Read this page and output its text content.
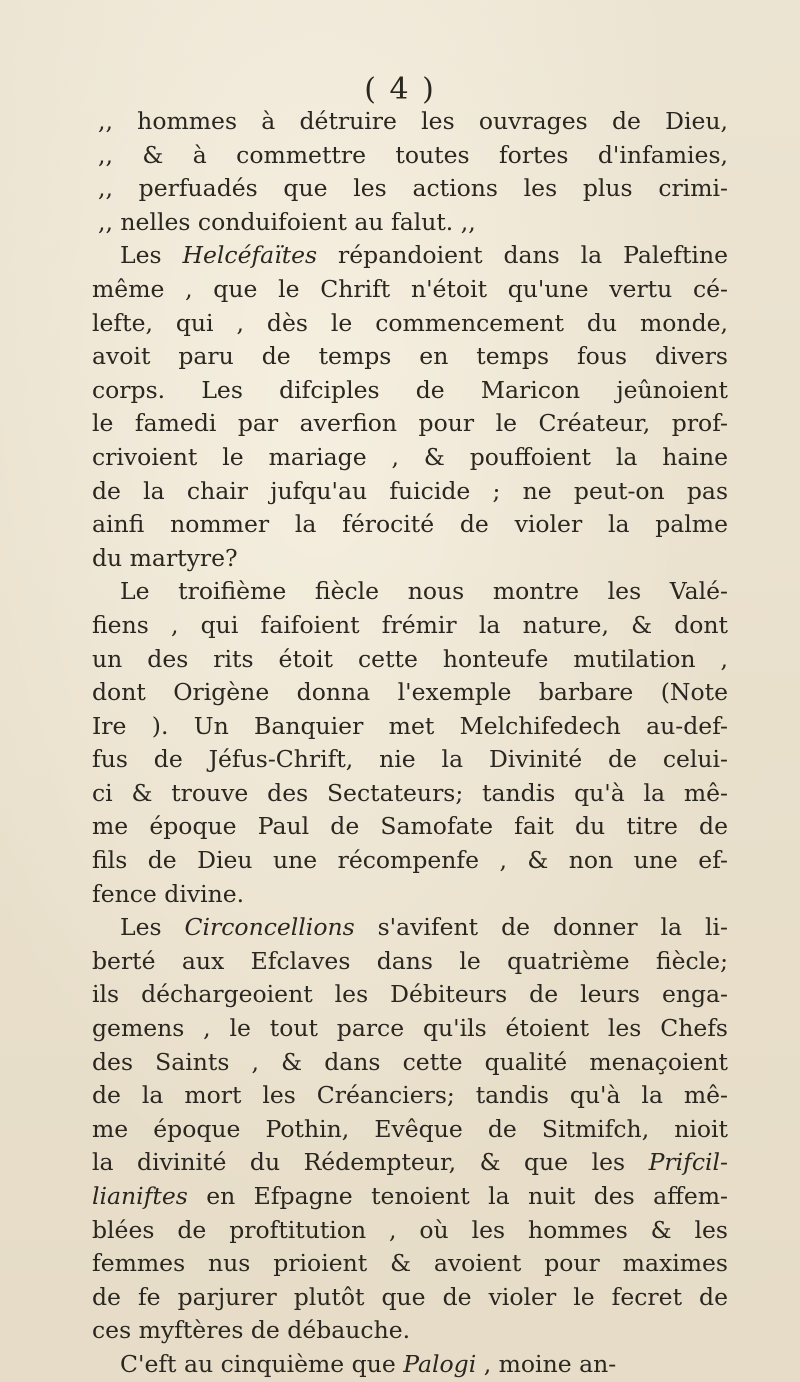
( 4 )
,, hommes à détruire les ouvrages de Dieu,
,, & à commettre toutes fortes d'infamies,
,, perfuadés que les actions les plus crimi-
,, nelles conduifoient au falut. ,,
Les Helcéfaïtes répandoient dans la Paleftine
même , que le Chrift n'étoit qu'une vertu cé-
lefte, qui , dès le commencement du monde,
avoit paru de temps en temps fous divers
corps. Les difciples de Maricon jeûnoient
le famedi par averfion pour le Créateur, prof-
crivoient le mariage , & pouffoient la haine
de la chair jufqu'au fuicide ; ne peut-on pas
ainfi nommer la férocité de violer la palme
du martyre?
Le troifième fiècle nous montre les Valé-
fiens , qui faifoient frémir la nature, & dont
un des rits étoit cette honteufe mutilation ,
dont Origène donna l'exemple barbare (Note
Ire ). Un Banquier met Melchifedech au-def-
fus de Jéfus-Chrift, nie la Divinité de celui-
ci & trouve des Sectateurs; tandis qu'à la mê-
me époque Paul de Samofate fait du titre de
fils de Dieu une récompenfe , & non une ef-
fence divine.
Les Circoncellions s'avifent de donner la li-
berté aux Efclaves dans le quatrième fiècle;
ils déchargeoient les Débiteurs de leurs enga-
gemens , le tout parce qu'ils étoient les Chefs
des Saints , & dans cette qualité menaçoient
de la mort les Créanciers; tandis qu'à la mê-
me époque Pothin, Evêque de Sitmifch, nioit
la divinité du Rédempteur, & que les Prifcil-
lianiftes en Efpagne tenoient la nuit des affem-
blées de proftitution , où les hommes & les
femmes nus prioient & avoient pour maximes
de fe parjurer plutôt que de violer le fecret de
ces myftères de débauche.
C'eft au cinquième que Palogi , moine an-
